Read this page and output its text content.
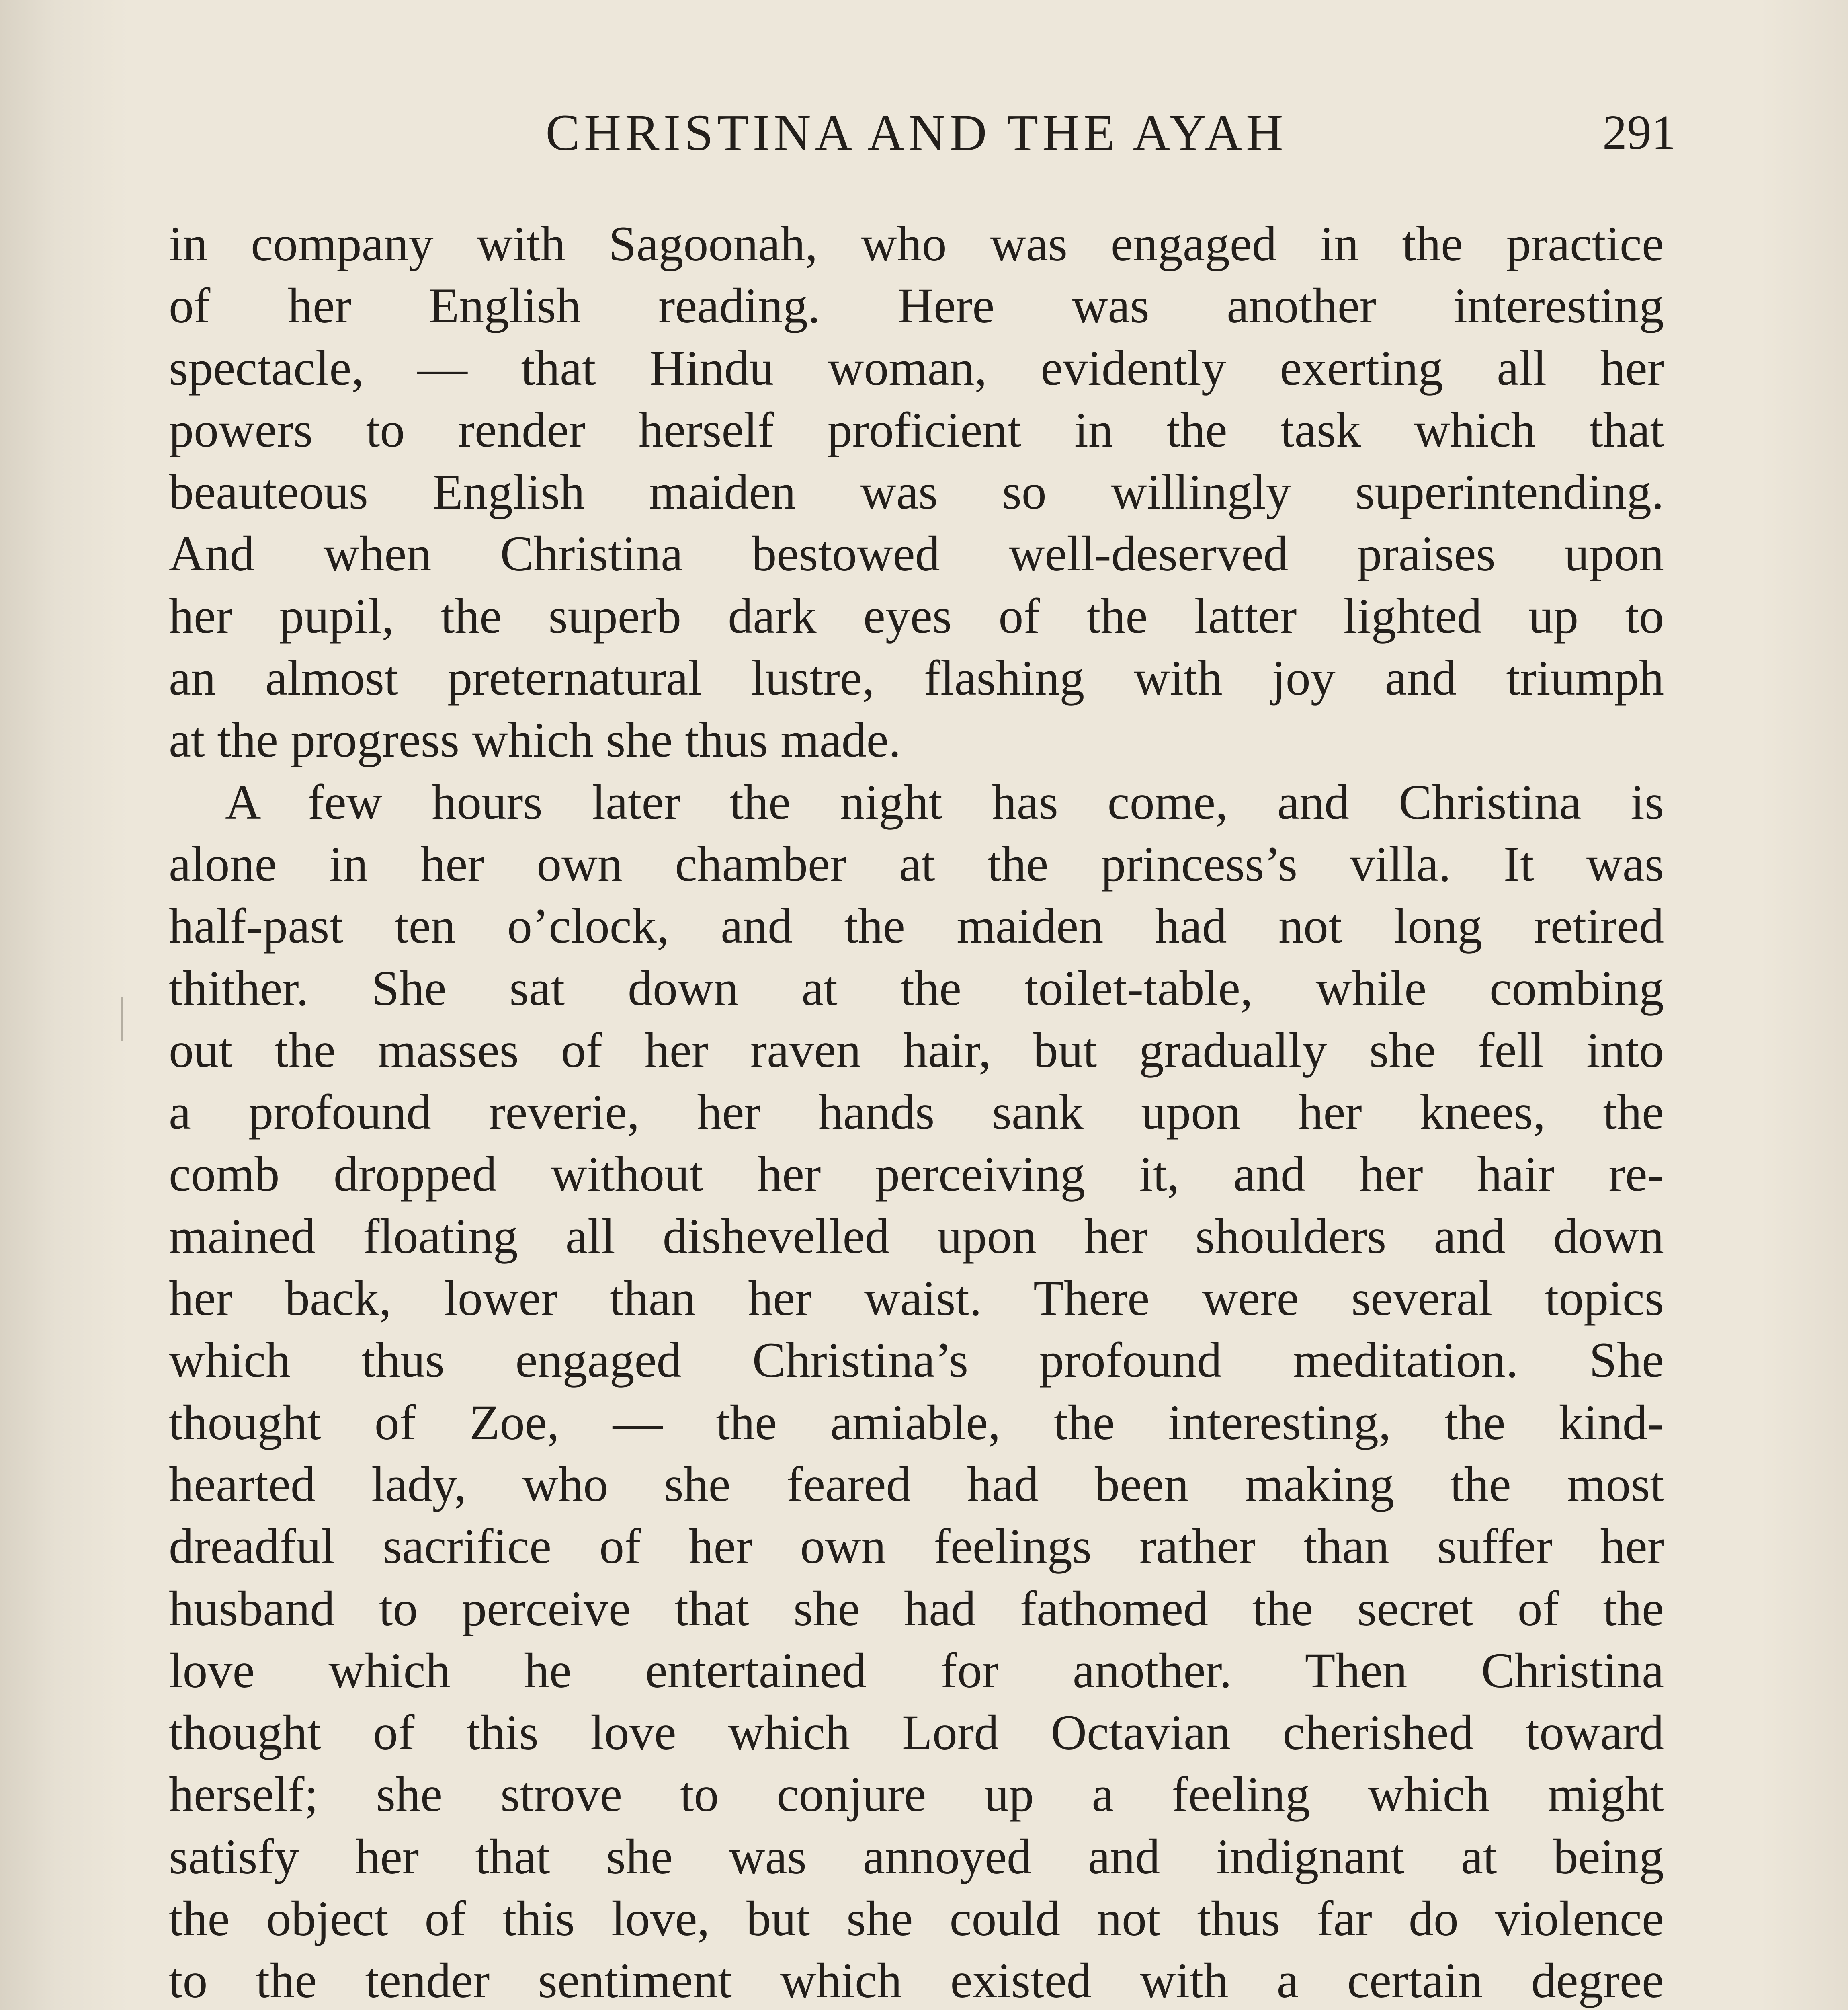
CHRISTINA AND THE AYAH	291
in company with Sagoonah, who was engaged in the practice
of her English reading. Here was another interesting
spectacle, — that Hindu woman, evidently exerting all her
powers to render herself proficient in the task which that
beauteous English maiden was so willingly superintending.
And when Christina bestowed well-deserved praises upon
her pupil, the superb dark eyes of the latter lighted up to
an almost preternatural lustre, flashing with joy and triumph
at the progress which she thus made.
A few hours later the night has come, and Christina is
alone in her own chamber at the princess’s villa. It was
half-past ten o’clock, and the maiden had not long retired
thither. She sat down at the toilet-table, while combing
out the masses of her raven hair, but gradually she fell into
a profound reverie, her hands sank upon her knees, the
comb dropped without her perceiving it, and her hair re-
mained floating all dishevelled upon her shoulders and down
her back, lower than her waist. There were several topics
which thus engaged Christina’s profound meditation. She
thought of Zoe, — the amiable, the interesting, the kind-
hearted lady, who she feared had been making the most
dreadful sacrifice of her own feelings rather than suffer her
husband to perceive that she had fathomed the secret of the
love which he entertained for another. Then Christina
thought of this love which Lord Octavian cherished toward
herself; she strove to conjure up a feeling which might
satisfy her that she was annoyed and indignant at being
the object of this love, but she could not thus far do violence
to the tender sentiment which existed with a certain degree
